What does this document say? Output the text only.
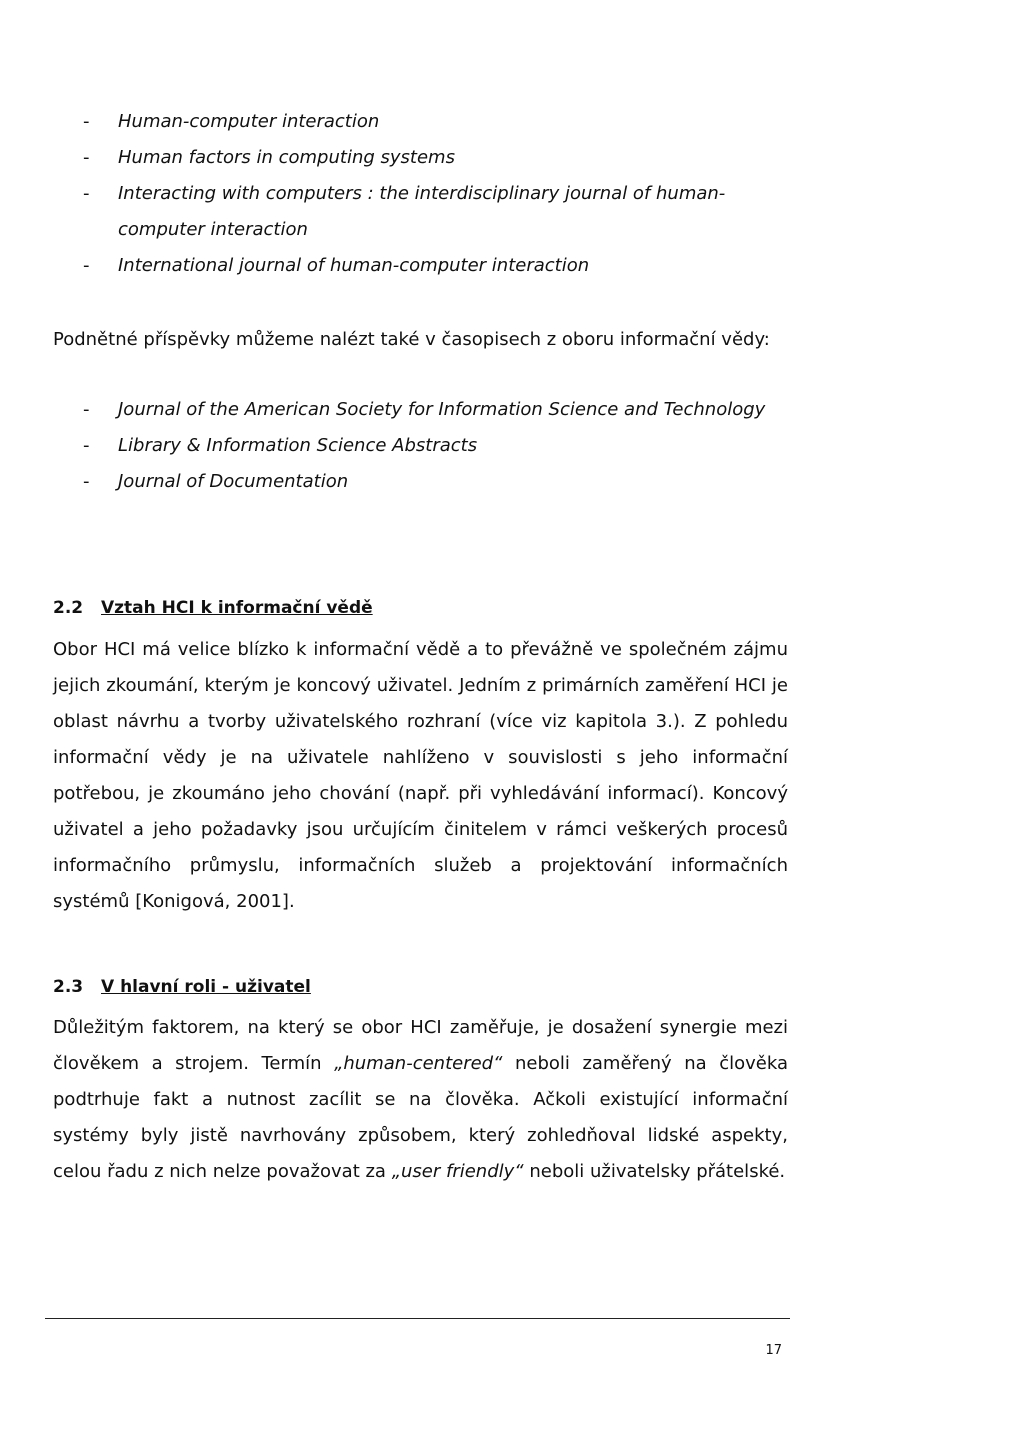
- Human-computer interaction
- Human factors in computing systems
- Interacting with computers : the interdisciplinary journal of human-computer interaction
- International journal of human-computer interaction

Podnětné příspěvky můžeme nalézt také v časopisech z oboru informační vědy:

- Journal of the American Society for Information Science and Technology
- Library & Information Science Abstracts
- Journal of Documentation
2.2 Vztah HCI k informační vědě

Obor HCI má velice blízko k informační vědě a to převážně ve společném zájmu jejich zkoumání, kterým je koncový uživatel. Jedním z primárních zaměření HCI je oblast návrhu a tvorby uživatelského rozhraní (více viz kapitola 3.). Z pohledu informační vědy je na uživatele nahlíženo v souvislosti s jeho informační potřebou, je zkoumáno jeho chování (např. při vyhledávání informací). Koncový uživatel a jeho požadavky jsou určujícím činitelem v rámci veškerých procesů informačního průmyslu, informačních služeb a projektování informačních systémů [Konigová, 2001].

2.3 V hlavní roli - uživatel

Důležitým faktorem, na který se obor HCI zaměřuje, je dosažení synergie mezi člověkem a strojem. Termín „human-centered“ neboli zaměřený na člověka podtrhuje fakt a nutnost zacílit se na člověka. Ačkoli existující informační systémy byly jistě navrhovány způsobem, který zohledňoval lidské aspekty, celou řadu z nich nelze považovat za „user friendly“ neboli uživatelsky přátelské.

17
